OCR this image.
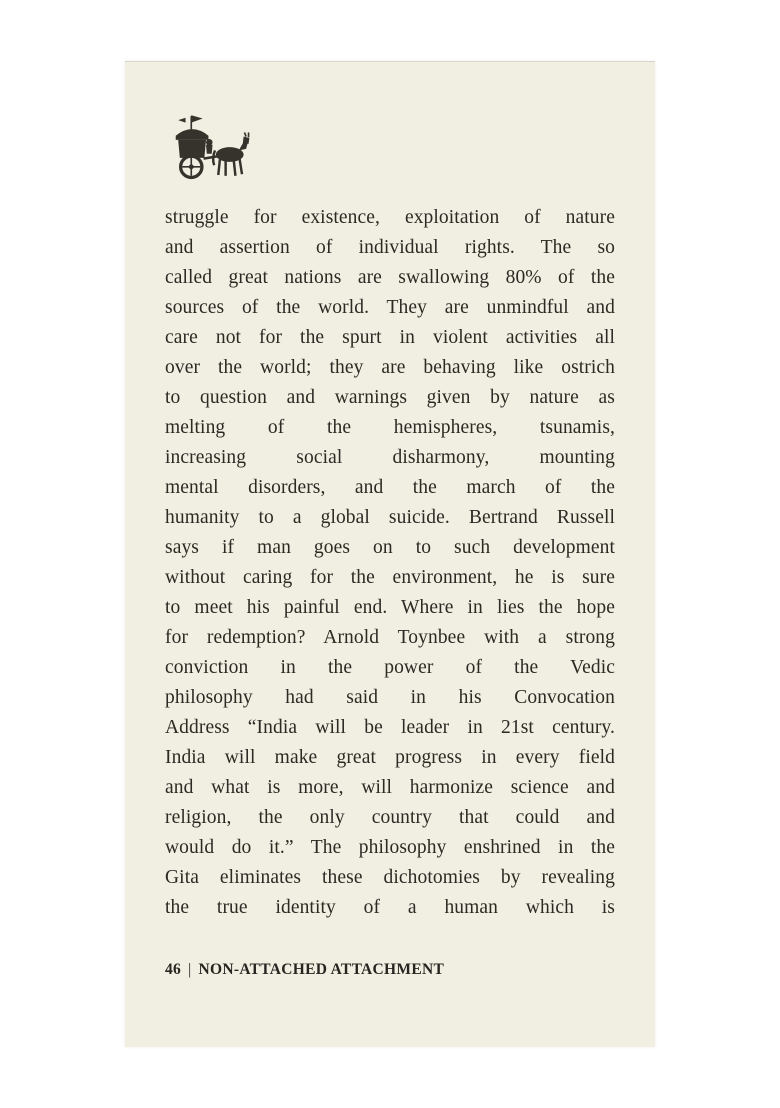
struggle for existence, exploitation of nature
and assertion of individual rights. The so
called great nations are swallowing 80% of the
sources of the world. They are unmindful and
care not for the spurt in violent activities all
over the world; they are behaving like ostrich
to question and warnings given by nature as
melting of the hemispheres, tsunamis,
increasing social disharmony, mounting
mental disorders, and the march of the
humanity to a global suicide. Bertrand Russell
says if man goes on to such development
without caring for the environment, he is sure
to meet his painful end. Where in lies the hope
for redemption? Arnold Toynbee with a strong
conviction in the power of the Vedic
philosophy had said in his Convocation
Address “India will be leader in 21st century.
India will make great progress in every field
and what is more, will harmonize science and
religion, the only country that could and
would do it.” The philosophy enshrined in the
Gita eliminates these dichotomies by revealing
the true identity of a human which is
46 | NON-ATTACHED ATTACHMENT
